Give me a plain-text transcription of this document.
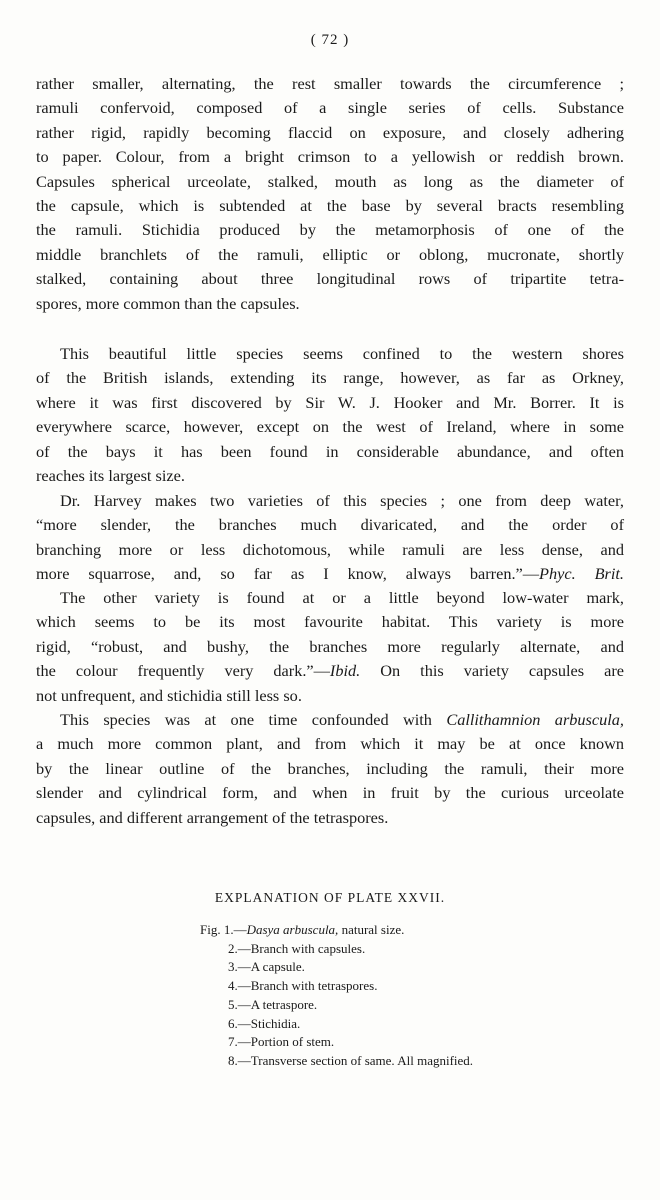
( 72 )
rather smaller, alternating, the rest smaller towards the circumference ;
ramuli confervoid, composed of a single series of cells. Substance
rather rigid, rapidly becoming flaccid on exposure, and closely adhering
to paper. Colour, from a bright crimson to a yellowish or reddish brown.
Capsules spherical urceolate, stalked, mouth as long as the diameter of
the capsule, which is subtended at the base by several bracts resembling
the ramuli. Stichidia produced by the metamorphosis of one of the
middle branchlets of the ramuli, elliptic or oblong, mucronate, shortly
stalked, containing about three longitudinal rows of tripartite tetra-
spores, more common than the capsules.
This beautiful little species seems confined to the western shores
of the British islands, extending its range, however, as far as Orkney,
where it was first discovered by Sir W. J. Hooker and Mr. Borrer. It is
everywhere scarce, however, except on the west of Ireland, where in some
of the bays it has been found in considerable abundance, and often
reaches its largest size.
Dr. Harvey makes two varieties of this species ; one from deep water,
“more slender, the branches much divaricated, and the order of
branching more or less dichotomous, while ramuli are less dense, and
more squarrose, and, so far as I know, always barren.”—Phyc. Brit.
The other variety is found at or a little beyond low-water mark,
which seems to be its most favourite habitat. This variety is more
rigid, “robust, and bushy, the branches more regularly alternate, and
the colour frequently very dark.”—Ibid. On this variety capsules are
not unfrequent, and stichidia still less so.
This species was at one time confounded with Callithamnion arbuscula,
a much more common plant, and from which it may be at once known
by the linear outline of the branches, including the ramuli, their more
slender and cylindrical form, and when in fruit by the curious urceolate
capsules, and different arrangement of the tetraspores.
EXPLANATION OF PLATE XXVII.
Fig. 1.—Dasya arbuscula, natural size.
2.—Branch with capsules.
3.—A capsule.
4.—Branch with tetraspores.
5.—A tetraspore.
6.—Stichidia.
7.—Portion of stem.
8.—Transverse section of same. All magnified.
